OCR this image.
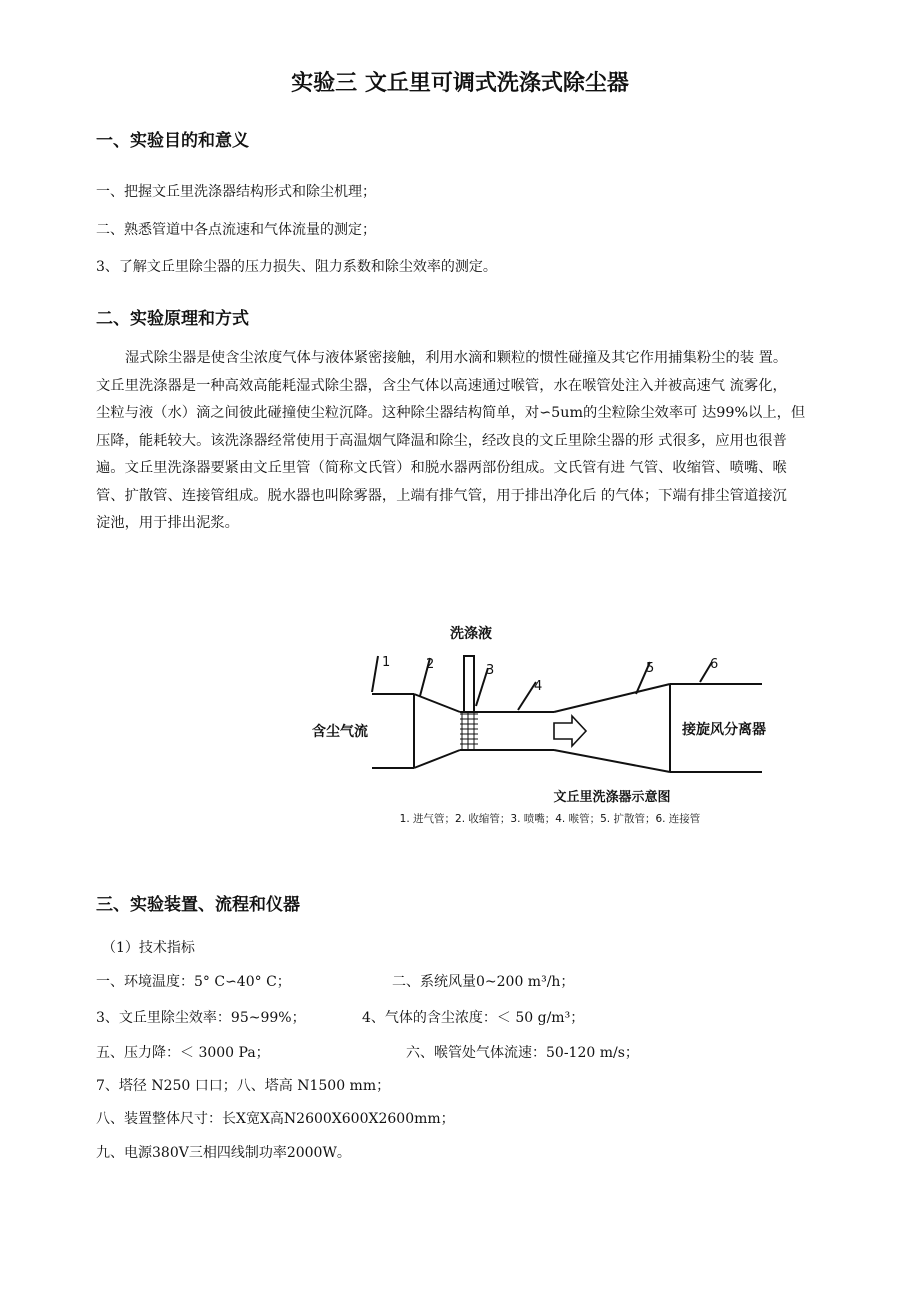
实验三 文丘里可调式洗涤式除尘器
一、实验目的和意义
一、把握文丘里洗涤器结构形式和除尘机理；
二、熟悉管道中各点流速和气体流量的测定；
3、了解文丘里除尘器的压力损失、阻力系数和除尘效率的测定。
二、实验原理和方式
湿式除尘器是使含尘浓度气体与液体紧密接触，利用水滴和颗粒的惯性碰撞及其它作用捕集粉尘的装 置。
文丘里洗涤器是一种高效高能耗湿式除尘器，含尘气体以高速通过喉管，水在喉管处注入并被高速气 流雾化，
尘粒与液（水）滴之间彼此碰撞使尘粒沉降。这种除尘器结构简单，对∽5um的尘粒除尘效率可 达99%以上，但
压降，能耗较大。该洗涤器经常使用于高温烟气降温和除尘，经改良的文丘里除尘器的形 式很多，应用也很普
遍。文丘里洗涤器要紧由文丘里管（简称文氏管）和脱水器两部份组成。文氏管有进 气管、收缩管、喷嘴、喉
管、扩散管、连接管组成。脱水器也叫除雾器，上端有排气管，用于排出净化后 的气体；下端有排尘管道接沉
淀池，用于排出泥浆。
洗涤液
含尘气流	接旋风分离器
1	2	3
4
5	6
文丘里洗涤器示意图
1. 进气管；2. 收缩管；3. 喷嘴；4. 喉管；5. 扩散管；6. 连接管
三、实验装置、流程和仪器
（1）技术指标
一、环境温度：5° C∽40° C；	二、系统风量0~200 m³/h；
3、文丘里除尘效率：95~99%；	4、气体的含尘浓度：＜ 50 g/m³；
五、压力降：＜ 3000 Pa；	六、喉管处气体流速：50-120 m/s；
7、塔径 N250 口口；八、塔高 N1500 mm；
八、装置整体尺寸：长X宽X高N2600X600X2600mm；
九、电源380V三相四线制功率2000W。
